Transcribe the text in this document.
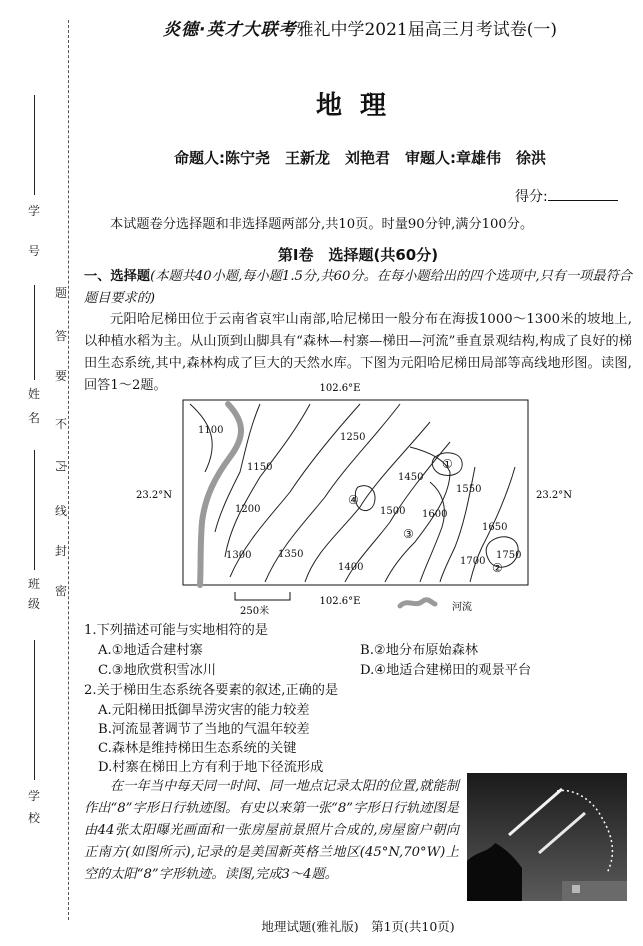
学
号
姓
名
班
级
学
校
密
封
线
内
不
要
答
题
炎德·英才大联考雅礼中学2021届高三月考试卷(一)
地理
命题人:陈宁尧　王新龙　刘艳君　审题人:章雄伟　徐洪
得分:
本试题卷分选择题和非选择题两部分,共10页。时量90分钟,满分100分。
第Ⅰ卷　选择题(共60分)
一、选择题(本题共40小题,每小题1.5分,共60分。在每小题给出的四个选项中,只有一项最符合题目要求的)
元阳哈尼梯田位于云南省哀牢山南部,哈尼梯田一般分布在海拔1000～1300米的坡地上,以种植水稻为主。从山顶到山脚具有“森林—村寨—梯田—河流”垂直景观结构,构成了良好的梯田生态系统,其中,森林构成了巨大的天然水库。下图为元阳哈尼梯田局部等高线地形图。读图,回答1～2题。	102.6°E
23.2°N	23.2°N
1100
1150
1200
1250
1300	1350
1400
1450
1500
1550
1600
1650
1700
1750
①
②
③
④
102.6°E
250米	河流
1.下列描述可能与实地相符的是
A.①地适合建村寨	B.②地分布原始森林
C.③地欣赏积雪冰川	D.④地适合建梯田的观景平台
2.关于梯田生态系统各要素的叙述,正确的是
A.元阳梯田抵御旱涝灾害的能力较差
B.河流显著调节了当地的气温年较差
C.森林是维持梯田生态系统的关键
D.村寨在梯田上方有利于地下径流形成
在一年当中每天同一时间、同一地点记录太阳的位置,就能制作出“8”字形日行轨迹图。有史以来第一张“8”字形日行轨迹图是由44张太阳曝光画面和一张房屋前景照片合成的,房屋窗户朝向正南方(如图所示),记录的是美国新英格兰地区(45°N,70°W)上空的太阳“8”字形轨迹。读图,完成3～4题。
地理试题(雅礼版)　第1页(共10页)
